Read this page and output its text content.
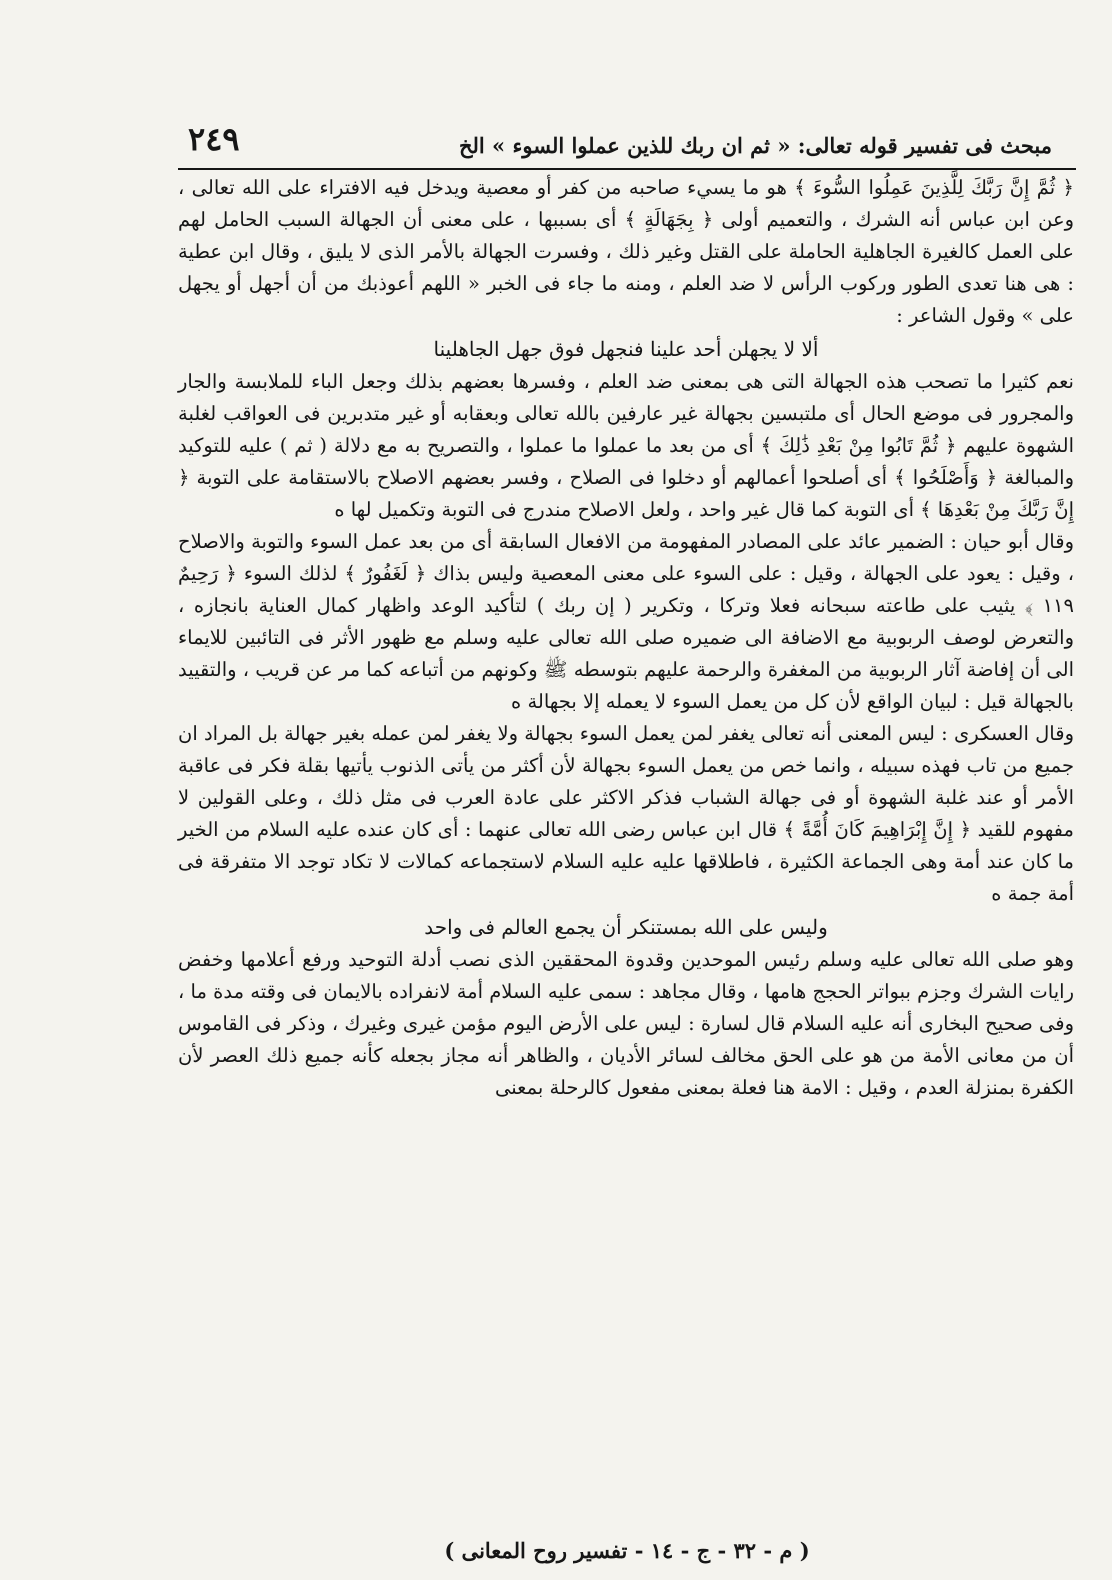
مبحث فى تفسير قوله تعالى: « ثم ان ربك للذين عملوا السوء » الخ
٢٤٩

﴿ ثُمَّ إِنَّ رَبَّكَ لِلَّذِينَ عَمِلُوا السُّوءَ ﴾ هو ما يسيء صاحبه من كفر أو معصية ويدخل فيه الافتراء على الله تعالى ، وعن ابن عباس أنه الشرك ، والتعميم أولى ﴿ بِجَهَالَةٍ ﴾ أى بسببها ، على معنى أن الجهالة السبب الحامل لهم على العمل كالغيرة الجاهلية الحاملة على القتل وغير ذلك ، وفسرت الجهالة بالأمر الذى لا يليق ، وقال ابن عطية : هى هنا تعدى الطور وركوب الرأس لا ضد العلم ، ومنه ما جاء فى الخبر « اللهم أعوذبك من أن أجهل أو يجهل على » وقول الشاعر :

ألا لا يجهلن أحد علينا فنجهل فوق جهل الجاهلينا

نعم كثيرا ما تصحب هذه الجهالة التى هى بمعنى ضد العلم ، وفسرها بعضهم بذلك وجعل الباء للملابسة والجار والمجرور فى موضع الحال أى ملتبسين بجهالة غير عارفين بالله تعالى وبعقابه أو غير متدبرين فى العواقب لغلبة الشهوة عليهم ﴿ ثُمَّ تَابُوا مِنْ بَعْدِ ذَٰلِكَ ﴾ أى من بعد ما عملوا ما عملوا ، والتصريح به مع دلالة ( ثم ) عليه للتوكيد والمبالغة ﴿ وَأَصْلَحُوا ﴾ أى أصلحوا أعمالهم أو دخلوا فى الصلاح ، وفسر بعضهم الاصلاح بالاستقامة على التوبة ﴿ إِنَّ رَبَّكَ مِنْ بَعْدِهَا ﴾ أى التوبة كما قال غير واحد ، ولعل الاصلاح مندرج فى التوبة وتكميل لها ه

وقال أبو حيان : الضمير عائد على المصادر المفهومة من الافعال السابقة أى من بعد عمل السوء والتوبة والاصلاح ، وقيل : يعود على الجهالة ، وقيل : على السوء على معنى المعصية وليس بذاك ﴿ لَغَفُورٌ ﴾ لذلك السوء ﴿ رَحِيمٌ ١١٩ ﴾ يثيب على طاعته سبحانه فعلا وتركا ، وتكرير ( إن ربك ) لتأكيد الوعد واظهار كمال العناية بانجازه ، والتعرض لوصف الربوبية مع الاضافة الى ضميره صلى الله تعالى عليه وسلم مع ظهور الأثر فى التائبين للايماء الى أن إفاضة آثار الربوبية من المغفرة والرحمة عليهم بتوسطه ﷺ وكونهم من أتباعه كما مر عن قريب ، والتقييد بالجهالة قيل : لبيان الواقع لأن كل من يعمل السوء لا يعمله إلا بجهالة ه

وقال العسكرى : ليس المعنى أنه تعالى يغفر لمن يعمل السوء بجهالة ولا يغفر لمن عمله بغير جهالة بل المراد ان جميع من تاب فهذه سبيله ، وانما خص من يعمل السوء بجهالة لأن أكثر من يأتى الذنوب يأتيها بقلة فكر فى عاقبة الأمر أو عند غلبة الشهوة أو فى جهالة الشباب فذكر الاكثر على عادة العرب فى مثل ذلك ، وعلى القولين لا مفهوم للقيد ﴿ إِنَّ إِبْرَاهِيمَ كَانَ أُمَّةً ﴾ قال ابن عباس رضى الله تعالى عنهما : أى كان عنده عليه السلام من الخير ما كان عند أمة وهى الجماعة الكثيرة ، فاطلاقها عليه عليه السلام لاستجماعه كمالات لا تكاد توجد الا متفرقة فى أمة جمة ه

وليس على الله بمستنكر أن يجمع العالم فى واحد

وهو صلى الله تعالى عليه وسلم رئيس الموحدين وقدوة المحققين الذى نصب أدلة التوحيد ورفع أعلامها وخفض رايات الشرك وجزم ببواتر الحجج هامها ، وقال مجاهد : سمى عليه السلام أمة لانفراده بالايمان فى وقته مدة ما ، وفى صحيح البخارى أنه عليه السلام قال لسارة : ليس على الأرض اليوم مؤمن غيرى وغيرك ، وذكر فى القاموس أن من معانى الأمة من هو على الحق مخالف لسائر الأديان ، والظاهر أنه مجاز بجعله كأنه جميع ذلك العصر لأن الكفرة بمنزلة العدم ، وقيل : الامة هنا فعلة بمعنى مفعول كالرحلة بمعنى

( م - ٣٢ - ج - ١٤ - تفسير روح المعانى )
